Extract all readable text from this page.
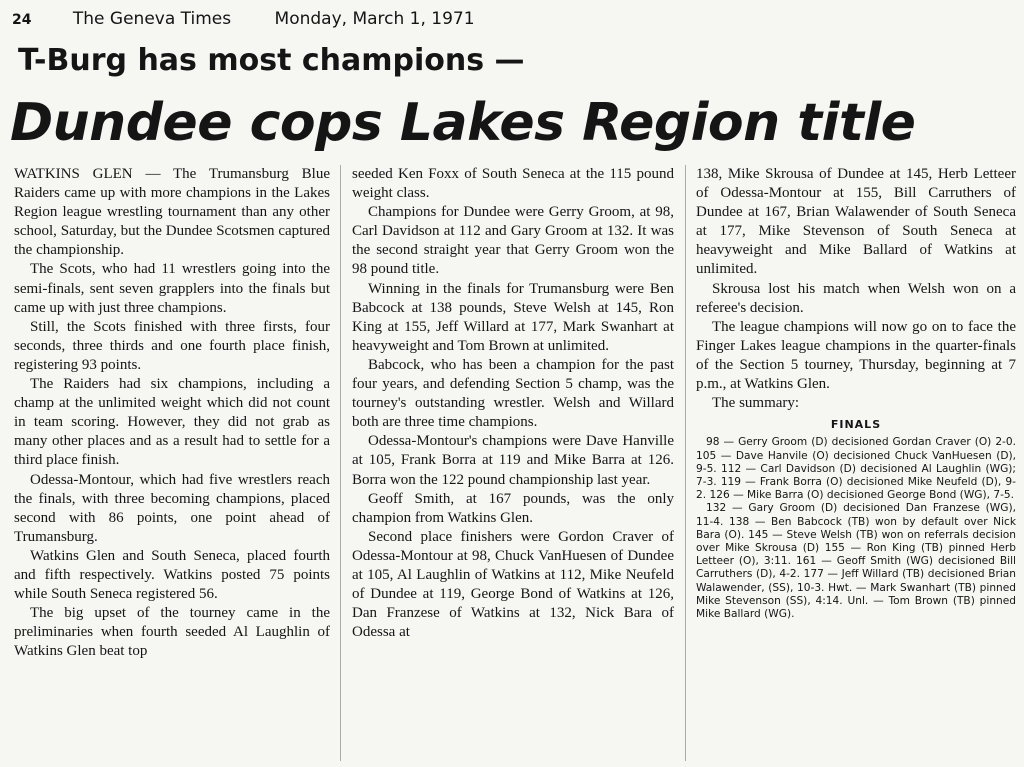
24 The Geneva Times	Monday, March 1, 1971
T-Burg has most champions —
Dundee cops Lakes Region title

WATKINS GLEN — The Trumansburg Blue Raiders came up with more champions in the Lakes Region league wrestling tournament than any other school, Saturday, but the Dundee Scotsmen captured the championship.

The Scots, who had 11 wrestlers going into the semi-finals, sent seven grapplers into the finals but came up with just three champions.

Still, the Scots finished with three firsts, four seconds, three thirds and one fourth place finish, registering 93 points.

The Raiders had six champions, including a champ at the unlimited weight which did not count in team scoring. However, they did not grab as many other places and as a result had to settle for a third place finish.

Odessa-Montour, which had five wrestlers reach the finals, with three becoming champions, placed second with 86 points, one point ahead of Trumansburg.

Watkins Glen and South Seneca, placed fourth and fifth respectively. Watkins posted 75 points while South Seneca registered 56.

The big upset of the tourney came in the preliminaries when fourth seeded Al Laughlin of Watkins Glen beat top

seeded Ken Foxx of South Seneca at the 115 pound weight class.

Champions for Dundee were Gerry Groom, at 98, Carl Davidson at 112 and Gary Groom at 132. It was the second straight year that Gerry Groom won the 98 pound title.

Winning in the finals for Trumansburg were Ben Babcock at 138 pounds, Steve Welsh at 145, Ron King at 155, Jeff Willard at 177, Mark Swanhart at heavyweight and Tom Brown at unlimited.

Babcock, who has been a champion for the past four years, and defending Section 5 champ, was the tourney's outstanding wrestler. Welsh and Willard both are three time champions.

Odessa-Montour's champions were Dave Hanville at 105, Frank Borra at 119 and Mike Barra at 126. Borra won the 122 pound championship last year.

Geoff Smith, at 167 pounds, was the only champion from Watkins Glen.

Second place finishers were Gordon Craver of Odessa-Montour at 98, Chuck VanHuesen of Dundee at 105, Al Laughlin of Watkins at 112, Mike Neufeld of Dundee at 119, George Bond of Watkins at 126, Dan Franzese of Watkins at 132, Nick Bara of Odessa at

138, Mike Skrousa of Dundee at 145, Herb Letteer of Odessa-Montour at 155, Bill Carruthers of Dundee at 167, Brian Walawender of South Seneca at 177, Mike Stevenson of South Seneca at heavyweight and Mike Ballard of Watkins at unlimited.

Skrousa lost his match when Welsh won on a referee's decision.

The league champions will now go on to face the Finger Lakes league champions in the quarter-finals of the Section 5 tourney, Thursday, beginning at 7 p.m., at Watkins Glen.

The summary:

FINALS

98 — Gerry Groom (D) decisioned Gordan Craver (O) 2-0. 105 — Dave Hanvile (O) decisioned Chuck VanHuesen (D), 9-5. 112 — Carl Davidson (D) decisioned Al Laughlin (WG); 7-3. 119 — Frank Borra (O) decisioned Mike Neufeld (D), 9-2. 126 — Mike Barra (O) decisioned George Bond (WG), 7-5.

132 — Gary Groom (D) decisioned Dan Franzese (WG), 11-4. 138 — Ben Babcock (TB) won by default over Nick Bara (O). 145 — Steve Welsh (TB) won on referrals decision over Mike Skrousa (D) 155 — Ron King (TB) pinned Herb Letteer (O), 3:11. 161 — Geoff Smith (WG) decisioned Bill Carruthers (D), 4-2. 177 — Jeff Willard (TB) decisioned Brian Walawender, (SS), 10-3. Hwt. — Mark Swanhart (TB) pinned Mike Stevenson (SS), 4:14. Unl. — Tom Brown (TB) pinned Mike Ballard (WG).
